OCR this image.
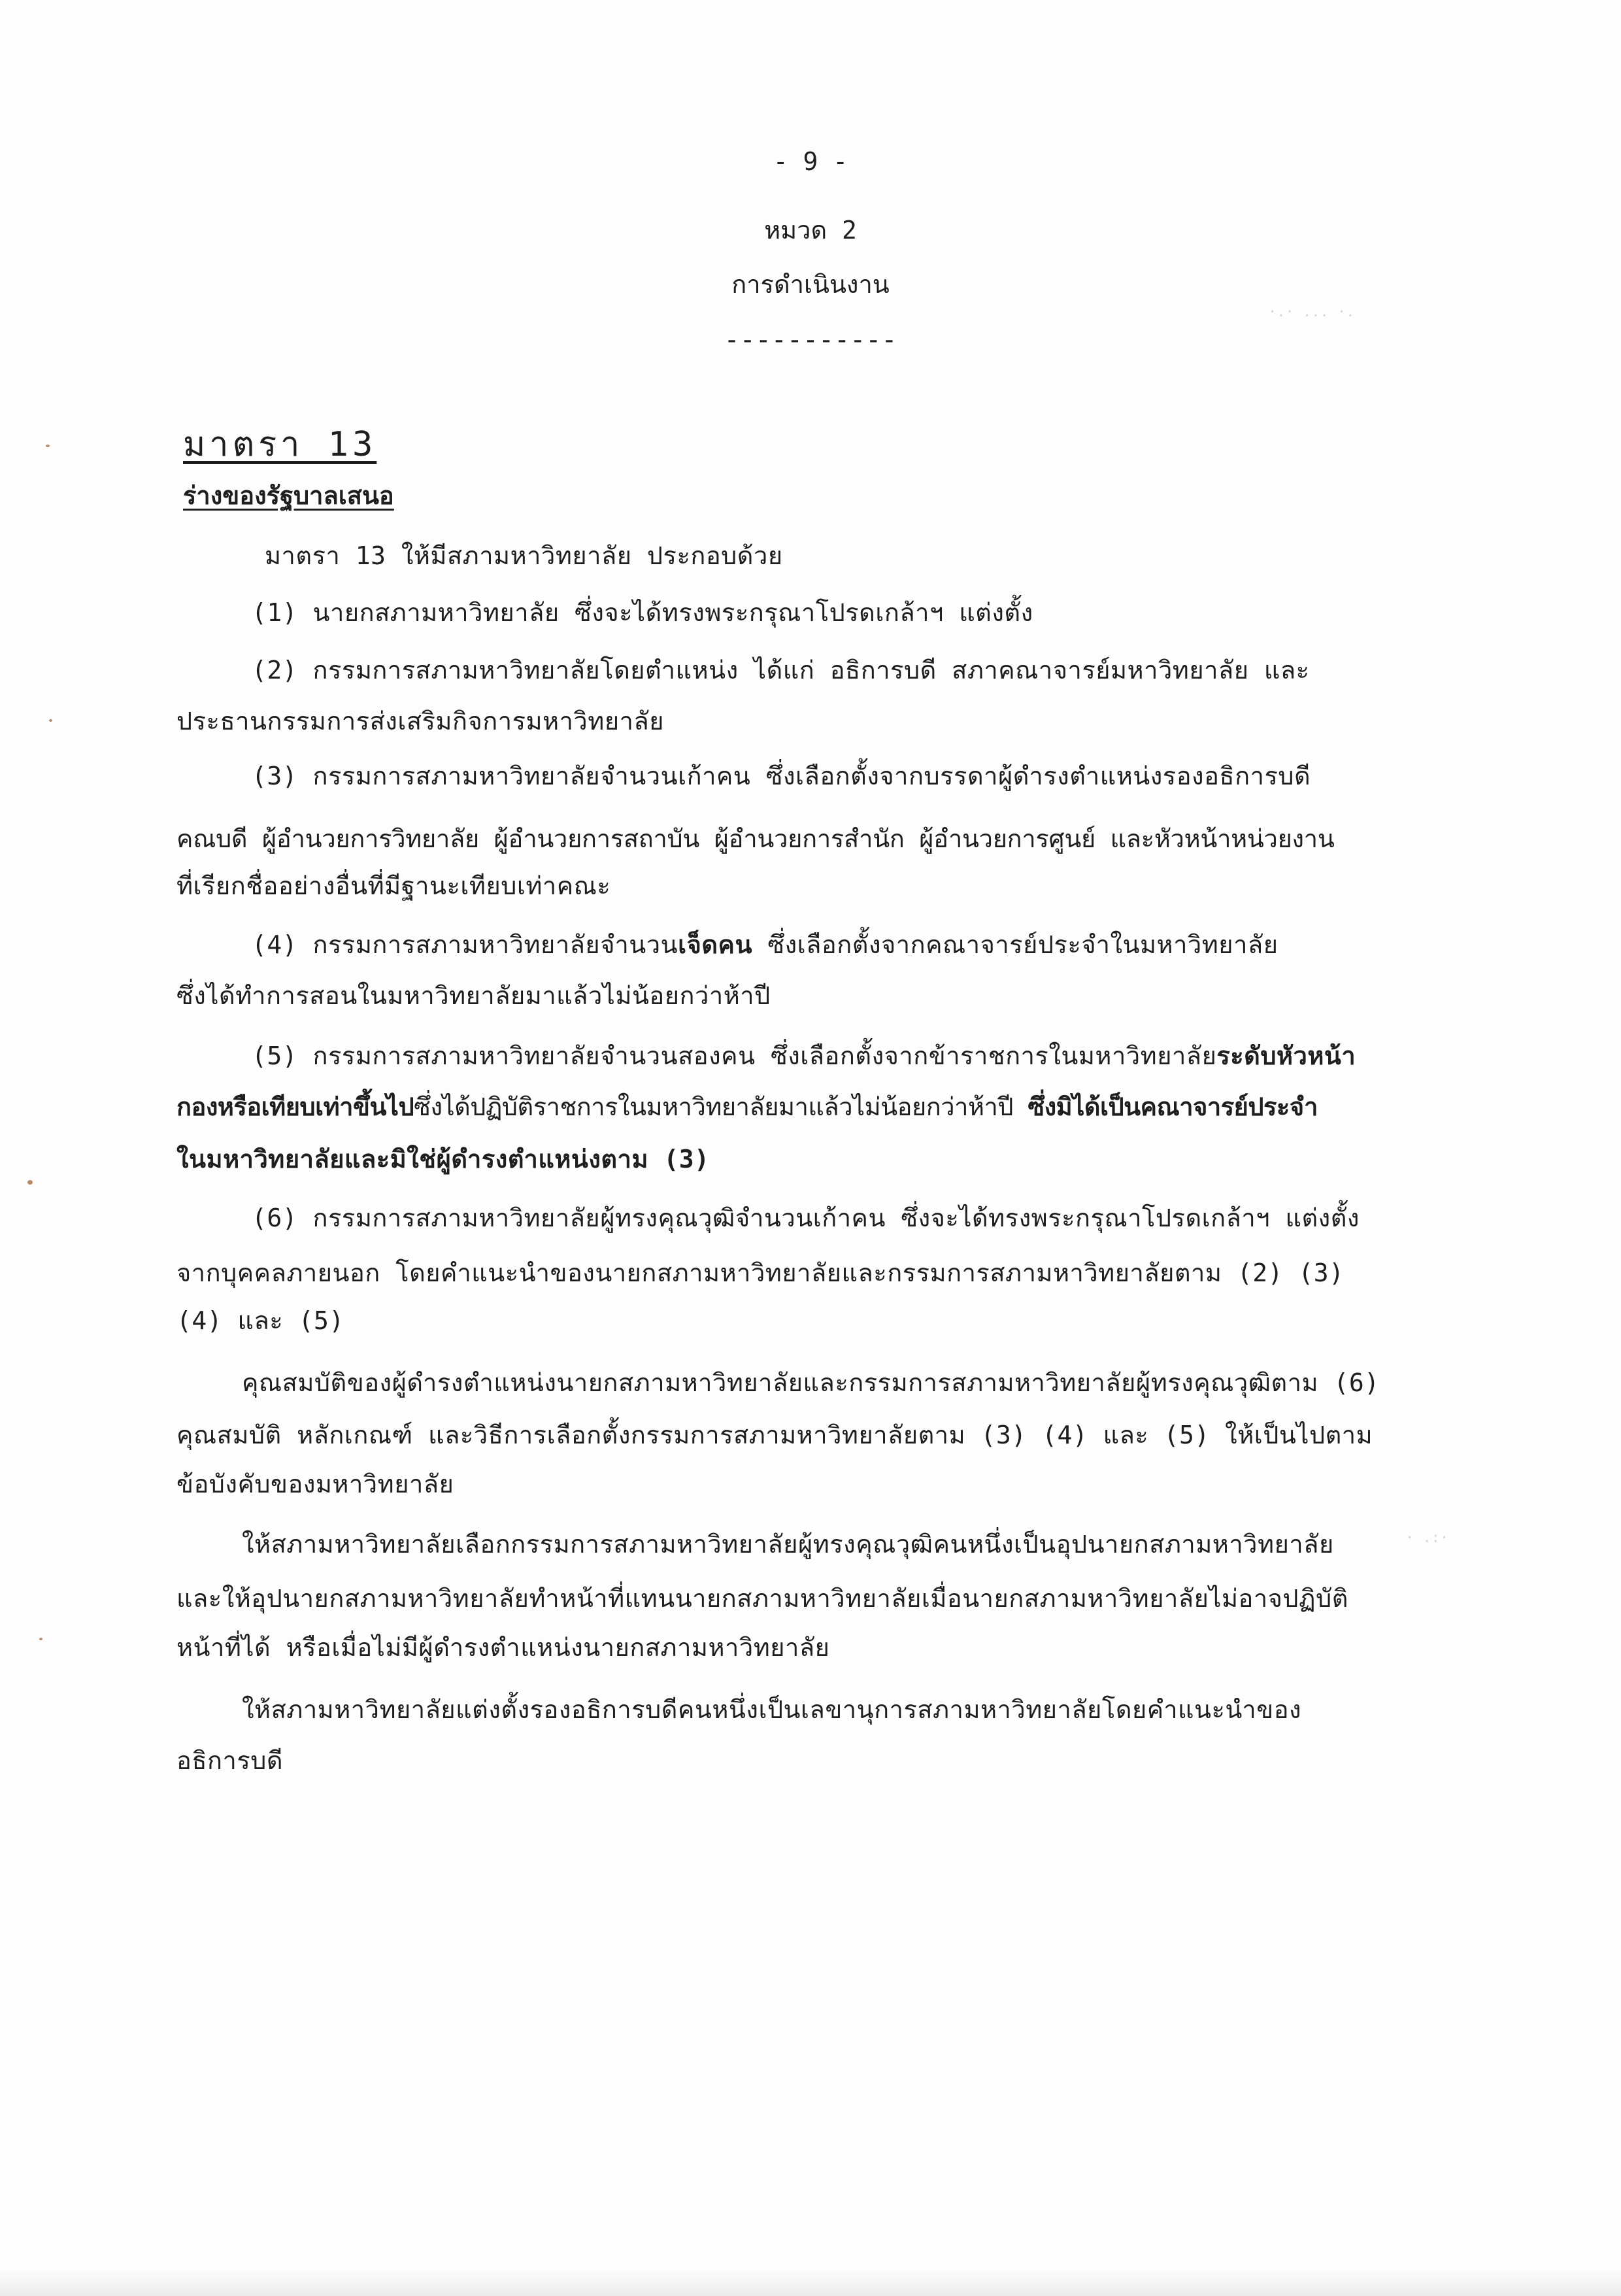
- 9 -
หมวด 2
การดำเนินงาน
-----------
มาตรา 13
ร่างของรัฐบาลเสนอ
มาตรา 13 ให้มีสภามหาวิทยาลัย ประกอบด้วย
(1) นายกสภามหาวิทยาลัย ซึ่งจะได้ทรงพระกรุณาโปรดเกล้าฯ แต่งตั้ง
(2) กรรมการสภามหาวิทยาลัยโดยตำแหน่ง ได้แก่ อธิการบดี สภาคณาจารย์มหาวิทยาลัย และ
ประธานกรรมการส่งเสริมกิจการมหาวิทยาลัย
(3) กรรมการสภามหาวิทยาลัยจำนวนเก้าคน ซึ่งเลือกตั้งจากบรรดาผู้ดำรงตำแหน่งรองอธิการบดี
คณบดี ผู้อำนวยการวิทยาลัย ผู้อำนวยการสถาบัน ผู้อำนวยการสำนัก ผู้อำนวยการศูนย์ และหัวหน้าหน่วยงาน
ที่เรียกชื่ออย่างอื่นที่มีฐานะเทียบเท่าคณะ
(4) กรรมการสภามหาวิทยาลัยจำนวนเจ็ดคน ซึ่งเลือกตั้งจากคณาจารย์ประจำในมหาวิทยาลัย
ซึ่งได้ทำการสอนในมหาวิทยาลัยมาแล้วไม่น้อยกว่าห้าปี
(5) กรรมการสภามหาวิทยาลัยจำนวนสองคน ซึ่งเลือกตั้งจากข้าราชการในมหาวิทยาลัยระดับหัวหน้า
กองหรือเทียบเท่าขึ้นไปซึ่งได้ปฏิบัติราชการในมหาวิทยาลัยมาแล้วไม่น้อยกว่าห้าปี ซึ่งมิได้เป็นคณาจารย์ประจำ
ในมหาวิทยาลัยและมิใช่ผู้ดำรงตำแหน่งตาม (3)
(6) กรรมการสภามหาวิทยาลัยผู้ทรงคุณวุฒิจำนวนเก้าคน ซึ่งจะได้ทรงพระกรุณาโปรดเกล้าฯ แต่งตั้ง
จากบุคคลภายนอก โดยคำแนะนำของนายกสภามหาวิทยาลัยและกรรมการสภามหาวิทยาลัยตาม (2) (3)
(4) และ (5)
คุณสมบัติของผู้ดำรงตำแหน่งนายกสภามหาวิทยาลัยและกรรมการสภามหาวิทยาลัยผู้ทรงคุณวุฒิตาม (6)
คุณสมบัติ หลักเกณฑ์ และวิธีการเลือกตั้งกรรมการสภามหาวิทยาลัยตาม (3) (4) และ (5) ให้เป็นไปตาม
ข้อบังคับของมหาวิทยาลัย
ให้สภามหาวิทยาลัยเลือกกรรมการสภามหาวิทยาลัยผู้ทรงคุณวุฒิคนหนึ่งเป็นอุปนายกสภามหาวิทยาลัย
และให้อุปนายกสภามหาวิทยาลัยทำหน้าที่แทนนายกสภามหาวิทยาลัยเมื่อนายกสภามหาวิทยาลัยไม่อาจปฏิบัติ
หน้าที่ได้ หรือเมื่อไม่มีผู้ดำรงตำแหน่งนายกสภามหาวิทยาลัย
ให้สภามหาวิทยาลัยแต่งตั้งรองอธิการบดีคนหนึ่งเป็นเลขานุการสภามหาวิทยาลัยโดยคำแนะนำของ
อธิการบดี
·.· ... ·.
· .:·
